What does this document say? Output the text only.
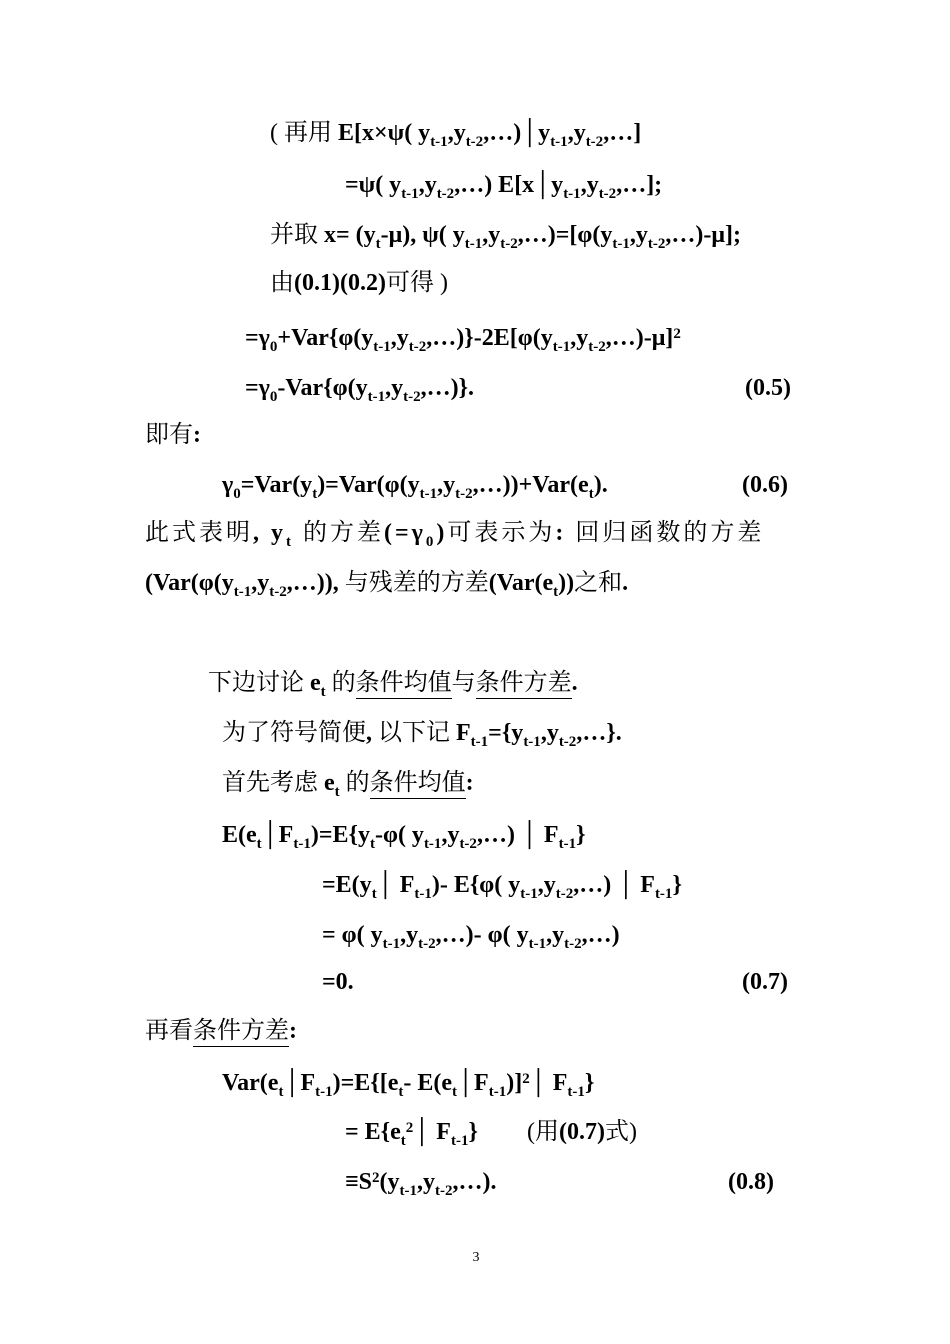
( 再用 E[x×ψ( $y_{t-1},y_{t-2},\dots)│y_{t-1},y_{t-2},\dots$]
=ψ( $y_{t-1},y_{t-2},\dots$) $E[x│y_{t-1},y_{t-2},\dots]$;
并取 $x= (y_t-\mu)$, ψ( $y_{t-1},y_{t-2},\dots)=[\varphi(y_{t-1},y_{t-2},\dots)-\mu]$;
由(0.1)(0.2)可得 )
$=\gamma_0+Var\{\varphi(y_{t-1},y_{t-2},\dots)\}-2E[\varphi(y_{t-1},y_{t-2},\dots)-\mu]^2$
$=\gamma_0-Var\{\varphi(y_{t-1},y_{t-2},\dots)\}$.	(0.5)
即有:
$\gamma_0=Var(y_t)=Var(\varphi(y_{t-1},y_{t-2},\dots))+Var(e_t)$.	(0.6)
此式表明, $y_t$ 的方差$(=\gamma_0)$可表示为: 回归函数的方差
($Var(\varphi(y_{t-1},y_{t-2},\dots))$, 与残差的方差$(Var(e_t))$之和.
下边讨论 $e_t$ 的条件均值与条件方差.
为了符号简便, 以下记 $F_{t-1}=\{y_{t-1},y_{t-2},\dots\}$.
首先考虑 $e_t$ 的条件均值:
$E(e_t│F_{t-1})=E\{y_t-\varphi$( $y_{t-1},y_{t-2},\dots$) │ $F_{t-1}$}
$=E(y_t│$ $F_{t-1})-$ E{φ( $y_{t-1},y_{t-2},\dots$) │ $F_{t-1}$}
= φ( $y_{t-1},y_{t-2},\dots)-$ φ( $y_{t-1},y_{t-2},\dots$)
=0.	(0.7)
再看条件方差:
$Var(e_t│F_{t-1})=E\{[e_t-$ $E(e_t│F_{t-1})]^2│$ $F_{t-1}$}
= $E\{e_t^2│$ $F_{t-1}$} (用(0.7)式)
$\equiv S^2(y_{t-1},y_{t-2},\dots)$.	(0.8)
3
